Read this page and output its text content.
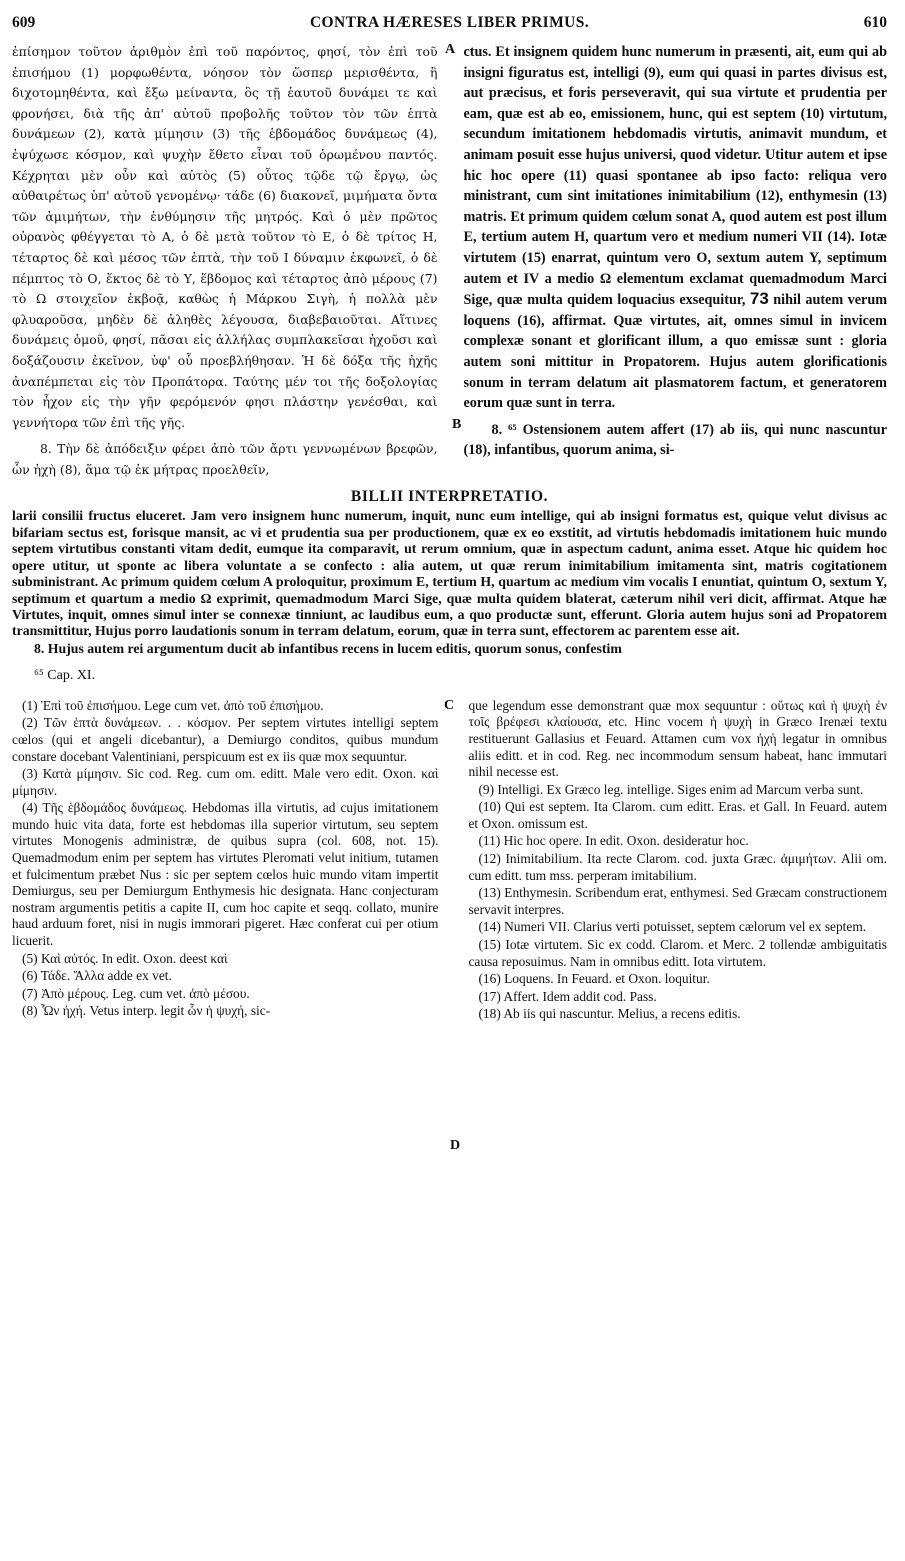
609	CONTRA HÆRESES LIBER PRIMUS.	610
A
B

ἐπίσημον τοῦτον ἀριθμὸν ἐπὶ τοῦ παρόντος, φησί, τὸν ἐπὶ τοῦ ἐπισήμου (1) μορφωθέντα, νόησον τὸν ὥσπερ μερισθέντα, ἢ διχοτομηθέντα, καὶ ἔξω μείναντα, ὃς τῇ ἑαυτοῦ δυνάμει τε καὶ φρονήσει, διὰ τῆς ἀπ' αὐτοῦ προβολῆς τοῦτον τὸν τῶν ἑπτὰ δυνάμεων (2), κατὰ μίμησιν (3) τῆς ἑβδομάδος δυνάμεως (4), ἐψύχωσε κόσμον, καὶ ψυχὴν ἔθετο εἶναι τοῦ ὁρωμένου παντός. Κέχρηται μὲν οὖν καὶ αὐτὸς (5) οὗτος τῷδε τῷ ἔργῳ, ὡς αὐθαιρέτως ὑπ' αὐτοῦ γενομένῳ· τάδε (6) διακονεῖ, μιμήματα ὄντα τῶν ἀμιμήτων, τὴν ἐνθύμησιν τῆς μητρός. Καὶ ὁ μὲν πρῶτος οὐρανὸς φθέγγεται τὸ Α, ὁ δὲ μετὰ τοῦτον τὸ Ε, ὁ δὲ τρίτος Η, τέταρτος δὲ καὶ μέσος τῶν ἑπτὰ, τὴν τοῦ Ι δύναμιν ἐκφωνεῖ, ὁ δὲ πέμπτος τὸ Ο, ἕκτος δὲ τὸ Υ, ἕβδομος καὶ τέταρτος ἀπὸ μέρους (7) τὸ Ω στοιχεῖον ἐκβοᾷ, καθὼς ἡ Μάρκου Σιγὴ, ἡ πολλὰ μὲν φλυαροῦσα, μηδὲν δὲ ἀληθὲς λέγουσα, διαβεβαιοῦται. Αἵτινες δυνάμεις ὁμοῦ, φησί, πᾶσαι εἰς ἀλλήλας συμπλακεῖσαι ἠχοῦσι καὶ δοξάζουσιν ἐκεῖνον, ὑφ' οὗ προεβλήθησαν. Ἡ δὲ δόξα τῆς ἠχῆς ἀναπέμπεται εἰς τὸν Προπάτορα. Ταύτης μέν τοι τῆς δοξολογίας τὸν ἦχον εἰς τὴν γῆν φερόμενόν φησι πλάστην γενέσθαι, καὶ γεννήτορα τῶν ἐπὶ τῆς γῆς.

8. Τὴν δὲ ἀπόδειξιν φέρει ἀπὸ τῶν ἄρτι γεννωμένων βρεφῶν, ὧν ἠχὴ (8), ἅμα τῷ ἐκ μήτρας προελθεῖν,

ctus. Et insignem quidem hunc numerum in præsenti, ait, eum qui ab insigni figuratus est, intelligi (9), eum qui quasi in partes divisus est, aut præcisus, et foris perseveravit, qui sua virtute et prudentia per eam, quæ est ab eo, emissionem, hunc, qui est septem (10) virtutum, secundum imitationem hebdomadis virtutis, animavit mundum, et animam posuit esse hujus universi, quod videtur. Utitur autem et ipse hic hoc opere (11) quasi spontanee ab ipso facto: reliqua vero ministrant, cum sint imitationes inimitabilium (12), enthymesin (13) matris. Et primum quidem cœlum sonat A, quod autem est post illum E, tertium autem H, quartum vero et medium numeri VII (14). Iotæ virtutem (15) enarrat, quintum vero O, sextum autem Y, septimum autem et IV a medio Ω elementum exclamat quemadmodum Marci Sige, quæ multa quidem loquacius exsequitur, 73 nihil autem verum loquens (16), affirmat. Quæ virtutes, ait, omnes simul in invicem complexæ sonant et glorificant illum, a quo emissæ sunt : gloria autem soni mittitur in Propatorem. Hujus autem glorificationis sonum in terram delatum ait plasmatorem factum, et generatorem eorum quæ sunt in terra.

8. ⁶⁵ Ostensionem autem affert (17) ab iis, qui nunc nascuntur (18), infantibus, quorum anima, si-

BILLII INTERPRETATIO.

larii consilii fructus eluceret. Jam vero insignem hunc numerum, inquit, nunc eum intellige, qui ab insigni formatus est, quique velut divisus ac bifariam sectus est, forisque mansit, ac vi et prudentia sua per productionem, quæ ex eo exstitit, ad virtutis hebdomadis imitationem huic mundo septem virtutibus constanti vitam dedit, eumque ita comparavit, ut rerum omnium, quæ in aspectum cadunt, anima esset. Atque hic quidem hoc opere utitur, ut sponte ac libera voluntate a se confecto : alia autem, ut quæ rerum inimitabilium imitamenta sint, matris cogitationem subministrant. Ac primum quidem cœlum A proloquitur, proximum E, tertium H, quartum ac medium vim vocalis I enuntiat, quintum O, sextum Y, septimum et quartum a medio Ω exprimit, quemadmodum Marci Sige, quæ multa quidem blaterat, cæterum nihil veri dicit, affirmat. Atque hæ Virtutes, inquit, omnes simul inter se connexæ tinniunt, ac laudibus eum, a quo productæ sunt, efferunt. Gloria autem hujus soni ad Propatorem transmittitur, Hujus porro laudationis sonum in terram delatum, eorum, quæ in terra sunt, effectorem ac parentem esse ait.

8. Hujus autem rei argumentum ducit ab infantibus recens in lucem editis, quorum sonus, confestim

⁶⁵ Cap. XI.
C
D

(1) Ἐπὶ τοῦ ἐπισήμου. Lege cum vet. ἀπὸ τοῦ ἐπισήμου.

(2) Τῶν ἑπτὰ δυνάμεων. . . κόσμον. Per septem virtutes intelligi septem cœlos (qui et angeli dicebantur), a Demiurgo conditos, quibus mundum constare docebant Valentiniani, perspicuum est ex iis quæ mox sequuntur.

(3) Κατὰ μίμησιν. Sic cod. Reg. cum om. editt. Male vero edit. Oxon. καὶ μίμησιν.

(4) Τῆς ἑβδομάδος δυνάμεως. Hebdomas illa virtutis, ad cujus imitationem mundo huic vita data, forte est hebdomas illa superior virtutum, seu septem virtutes Monogenis administræ, de quibus supra (col. 608, not. 15). Quemadmodum enim per septem has virtutes Pleromati velut initium, tutamen et fulcimentum præbet Nus : sic per septem cœlos huic mundo vitam impertit Demiurgus, seu per Demiurgum Enthymesis hic designata. Hanc conjecturam nostram argumentis petitis a capite II, cum hoc capite et seqq. collato, munire haud arduum foret, nisi in nugis immorari pigeret. Hæc conferat cui per otium licuerit.

(5) Καὶ αὐτός. In edit. Oxon. deest καὶ

(6) Τάδε. Ἄλλα adde ex vet.

(7) Ἀπὸ μέρους. Leg. cum vet. ἀπὸ μέσου.

(8) Ὧν ἠχή. Vetus interp. legit ὧν ἡ ψυχή, sic-

que legendum esse demonstrant quæ mox sequuntur : οὕτως καὶ ἡ ψυχὴ ἐν τοῖς βρέφεσι κλαίουσα, etc. Hinc vocem ἡ ψυχὴ in Græco Irenæi textu restituerunt Gallasius et Feuard. Attamen cum vox ἠχὴ legatur in omnibus aliis editt. et in cod. Reg. nec incommodum sensum habeat, hanc immutari nihil necesse est.

(9) Intelligi. Ex Græco leg. intellige. Siges enim ad Marcum verba sunt.

(10) Qui est septem. Ita Clarom. cum editt. Eras. et Gall. In Feuard. autem et Oxon. omissum est.

(11) Hic hoc opere. In edit. Oxon. desideratur hoc.

(12) Inimitabilium. Ita recte Clarom. cod. juxta Græc. ἀμιμήτων. Alii om. cum editt. tum mss. perperam imitabilium.

(13) Enthymesin. Scribendum erat, enthymesi. Sed Græcam constructionem servavit interpres.

(14) Numeri VII. Clarius verti potuisset, septem cælorum vel ex septem.

(15) Iotæ virtutem. Sic ex codd. Clarom. et Merc. 2 tollendæ ambiguitatis causa reposuimus. Nam in omnibus editt. Iota virtutem.

(16) Loquens. In Feuard. et Oxon. loquitur.

(17) Affert. Idem addit cod. Pass.

(18) Ab iis qui nascuntur. Melius, a recens editis.
